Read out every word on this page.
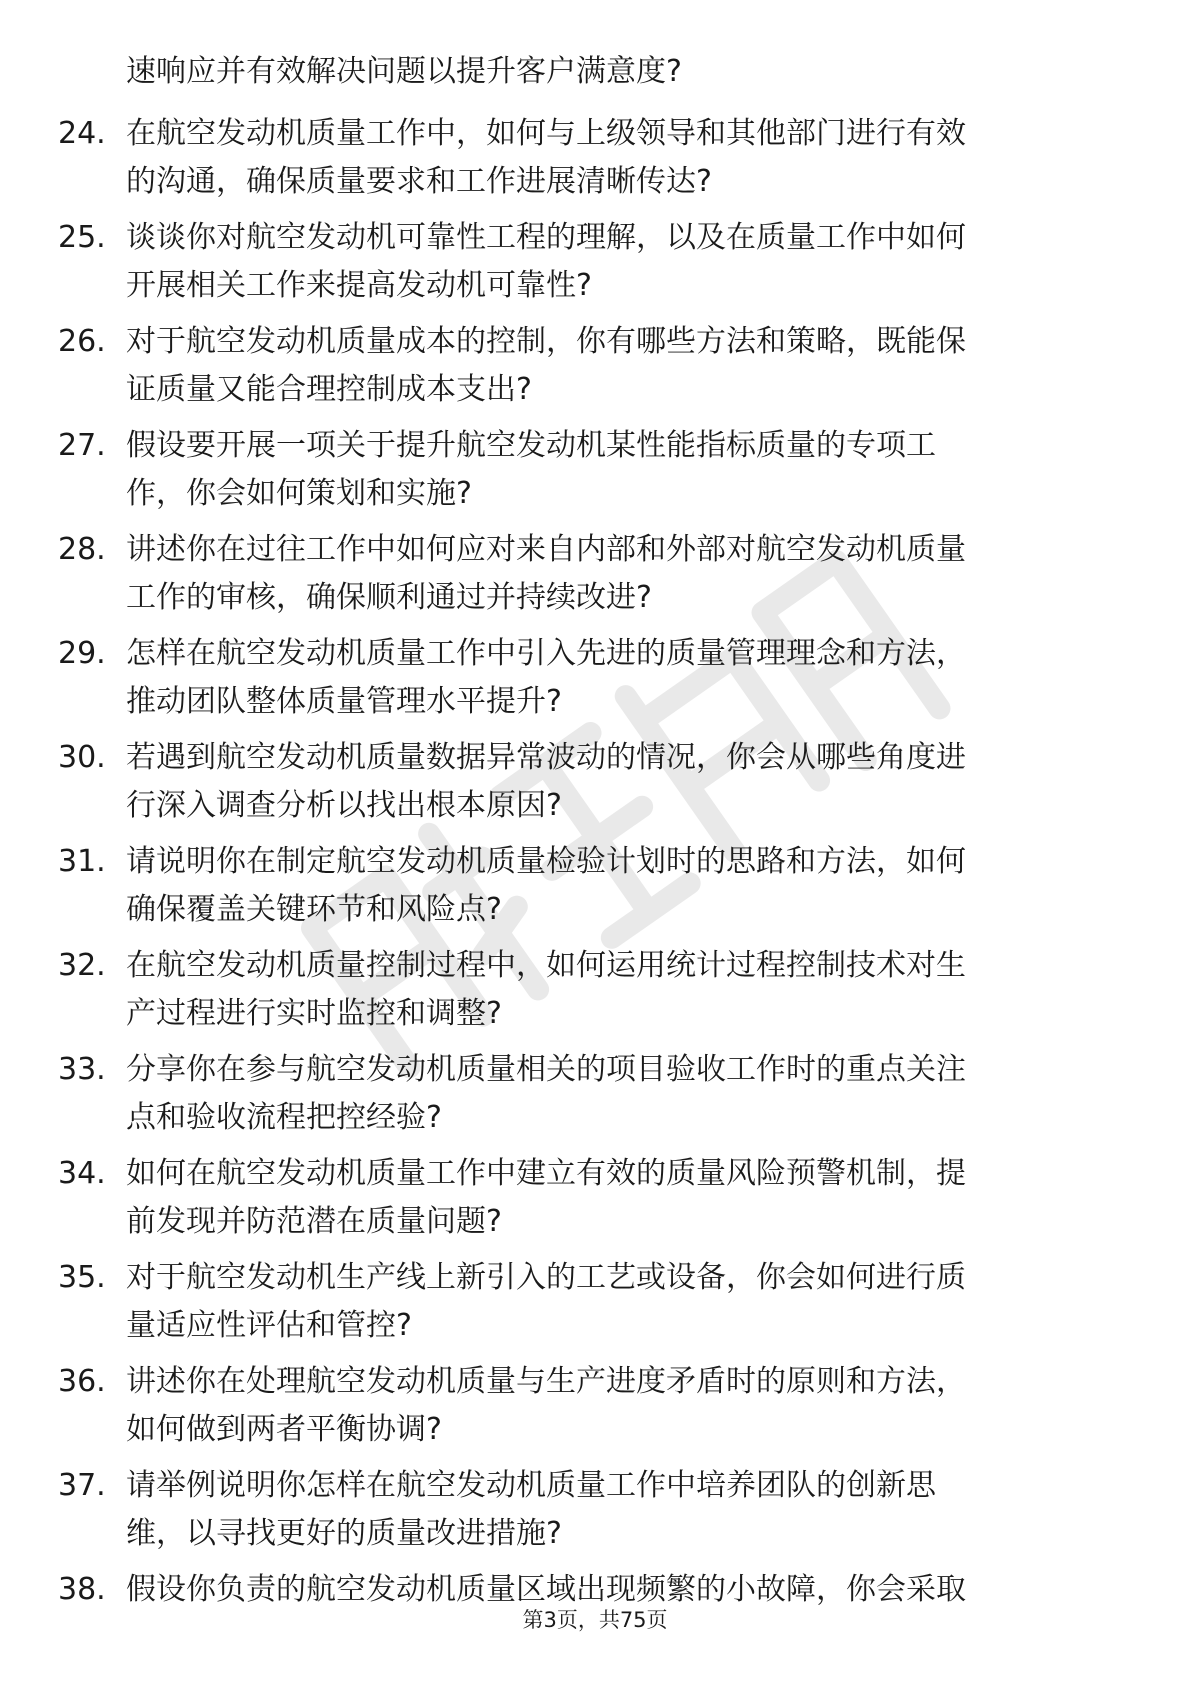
速响应并有效解决问题以提升客户满意度?
24. 在航空发动机质量工作中，如何与上级领导和其他部门进行有效
的沟通，确保质量要求和工作进展清晰传达?
25. 谈谈你对航空发动机可靠性工程的理解，以及在质量工作中如何
开展相关工作来提高发动机可靠性?
26. 对于航空发动机质量成本的控制，你有哪些方法和策略，既能保
证质量又能合理控制成本支出?
27. 假设要开展一项关于提升航空发动机某性能指标质量的专项工
作，你会如何策划和实施?
28. 讲述你在过往工作中如何应对来自内部和外部对航空发动机质量
工作的审核，确保顺利通过并持续改进?
29. 怎样在航空发动机质量工作中引入先进的质量管理理念和方法，
推动团队整体质量管理水平提升?
30. 若遇到航空发动机质量数据异常波动的情况，你会从哪些角度进
行深入调查分析以找出根本原因?
31. 请说明你在制定航空发动机质量检验计划时的思路和方法，如何
确保覆盖关键环节和风险点?
32. 在航空发动机质量控制过程中，如何运用统计过程控制技术对生
产过程进行实时监控和调整?
33. 分享你在参与航空发动机质量相关的项目验收工作时的重点关注
点和验收流程把控经验?
34. 如何在航空发动机质量工作中建立有效的质量风险预警机制，提
前发现并防范潜在质量问题?
35. 对于航空发动机生产线上新引入的工艺或设备，你会如何进行质
量适应性评估和管控?
36. 讲述你在处理航空发动机质量与生产进度矛盾时的原则和方法，
如何做到两者平衡协调?
37. 请举例说明你怎样在航空发动机质量工作中培养团队的创新思
维，以寻找更好的质量改进措施?
38. 假设你负责的航空发动机质量区域出现频繁的小故障，你会采取
第3页，共75页
